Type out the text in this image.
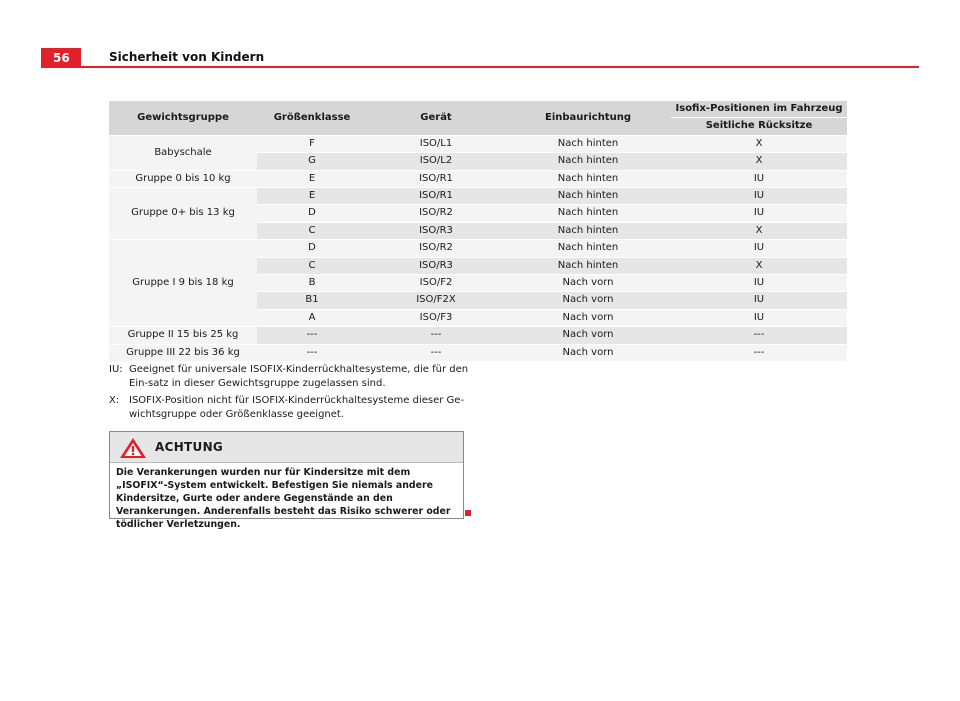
56	Sicherheit von Kindern
Gewichtsgruppe	Größenklasse	Gerät	Einbaurichtung	Isofix-Positionen im Fahrzeug
				Seitliche Rücksitze
Babyschale	F	ISO/L1	Nach hinten	X
	G	ISO/L2	Nach hinten	X
Gruppe 0 bis 10 kg	E	ISO/R1	Nach hinten	IU
Gruppe 0+ bis 13 kg	E	ISO/R1	Nach hinten	IU
	D	ISO/R2	Nach hinten	IU
	C	ISO/R3	Nach hinten	X
Gruppe I 9 bis 18 kg	D	ISO/R2	Nach hinten	IU
	C	ISO/R3	Nach hinten	X
	B	ISO/F2	Nach vorn	IU
	B1	ISO/F2X	Nach vorn	IU
	A	ISO/F3	Nach vorn	IU
Gruppe II 15 bis 25 kg	---	---	Nach vorn	---
Gruppe III 22 bis 36 kg	---	---	Nach vorn	---
IU: Geeignet für universale ISOFIX-Kinderrückhaltesysteme, die für den Ein-satz in dieser Gewichtsgruppe zugelassen sind.
X: ISOFIX-Position nicht für ISOFIX-Kinderrückhaltesysteme dieser Ge-wichtsgruppe oder Größenklasse geeignet.
ACHTUNG
Die Verankerungen wurden nur für Kindersitze mit dem „ISOFIX“-System entwickelt. Befestigen Sie niemals andere Kindersitze, Gurte oder andere Gegenstände an den Verankerungen. Anderenfalls besteht das Risiko schwerer oder tödlicher Verletzungen.
